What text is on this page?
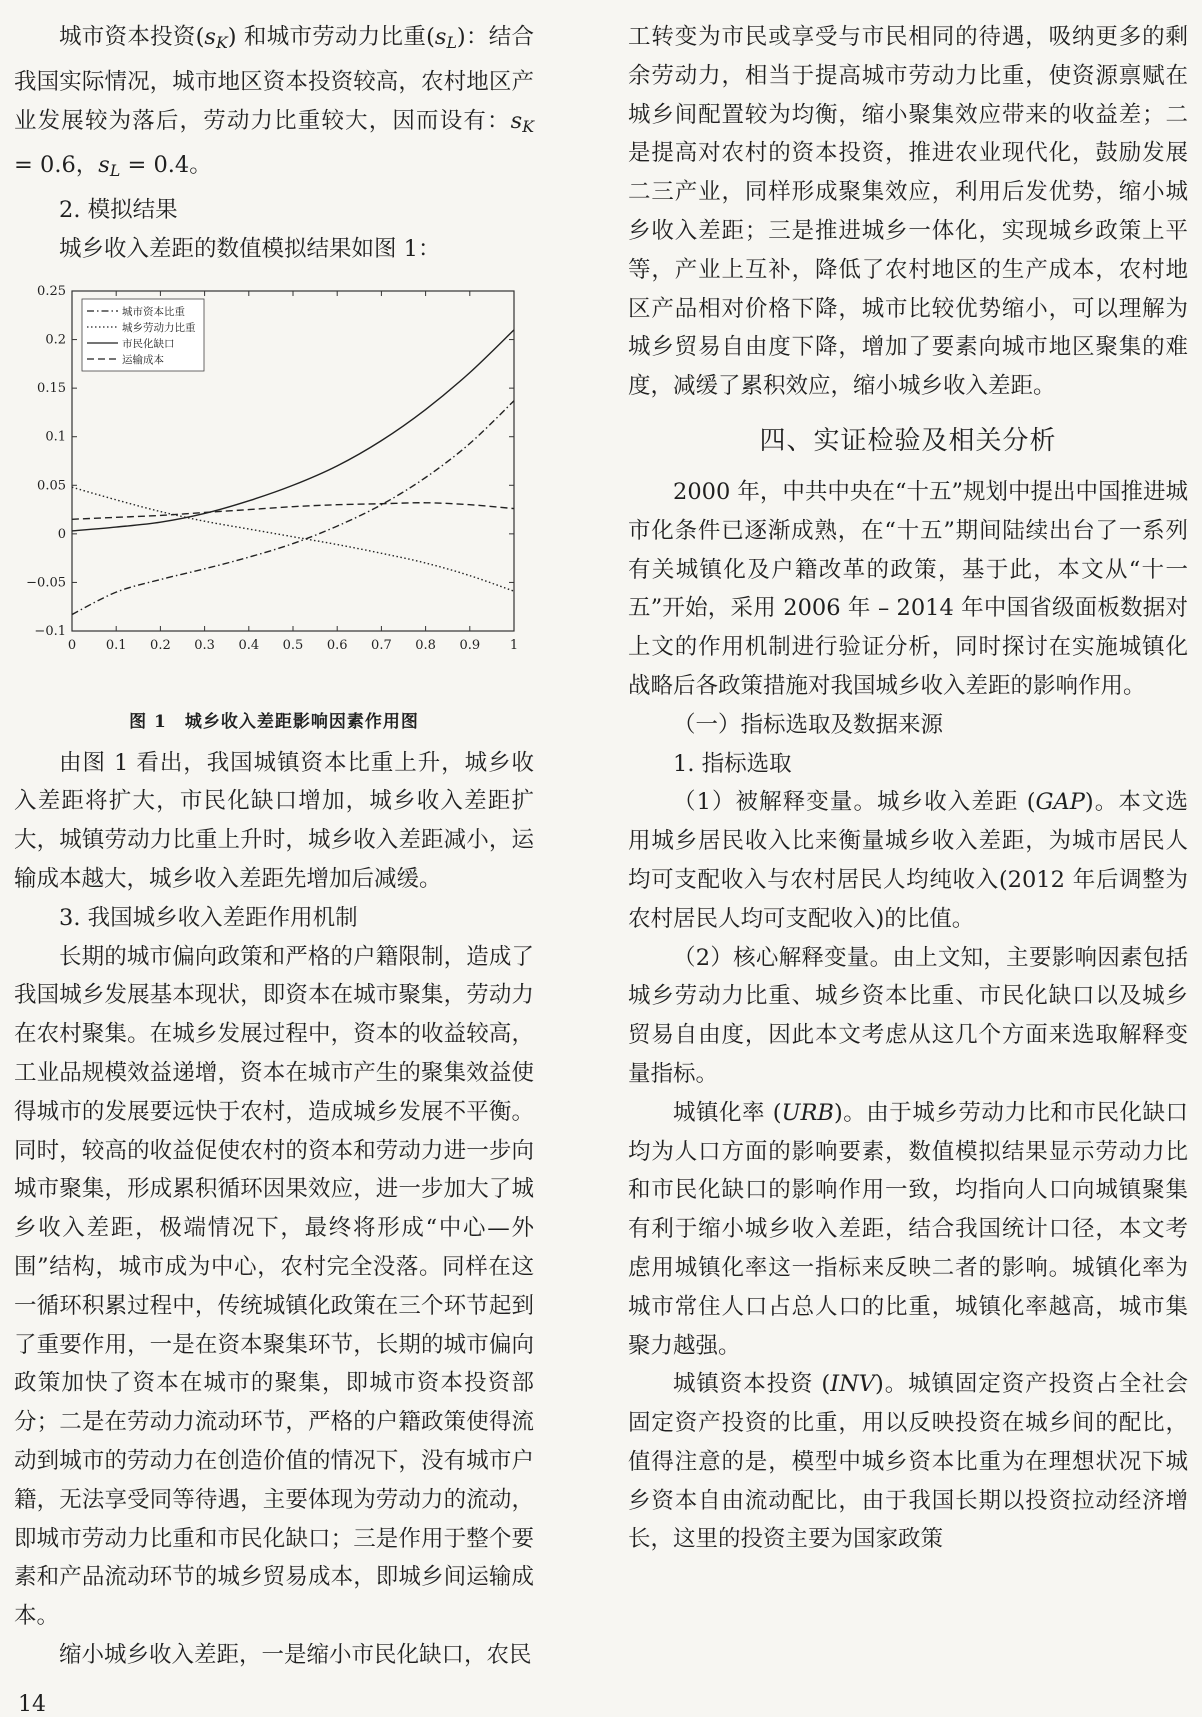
城市资本投资$(s_K)$ 和城市劳动力比重$(s_L)$：结合我国实际情况，城市地区资本投资较高，农村地区产业发展较为落后，劳动力比重较大，因而设有：$s_K = 0.6$，$s_L = 0.4$。

2. 模拟结果

城乡收入差距的数值模拟结果如图 1：

0 0.1 0.2 0.3 0.4 0.5 0.6 0.7 0.8 0.9 1
0.25
0.2
0.15
0.1
0.05
0
−0.05
−0.1
城市资本比重
城乡劳动力比重
市民化缺口
运输成本
图 1　城乡收入差距影响因素作用图

由图 1 看出，我国城镇资本比重上升，城乡收入差距将扩大，市民化缺口增加，城乡收入差距扩大，城镇劳动力比重上升时，城乡收入差距减小，运输成本越大，城乡收入差距先增加后减缓。

3. 我国城乡收入差距作用机制

长期的城市偏向政策和严格的户籍限制，造成了我国城乡发展基本现状，即资本在城市聚集，劳动力在农村聚集。在城乡发展过程中，资本的收益较高，工业品规模效益递增，资本在城市产生的聚集效益使得城市的发展要远快于农村，造成城乡发展不平衡。同时，较高的收益促使农村的资本和劳动力进一步向城市聚集，形成累积循环因果效应，进一步加大了城乡收入差距，极端情况下，最终将形成“中心—外围”结构，城市成为中心，农村完全没落。同样在这一循环积累过程中，传统城镇化政策在三个环节起到了重要作用，一是在资本聚集环节，长期的城市偏向政策加快了资本在城市的聚集，即城市资本投资部分；二是在劳动力流动环节，严格的户籍政策使得流动到城市的劳动力在创造价值的情况下，没有城市户籍，无法享受同等待遇，主要体现为劳动力的流动，即城市劳动力比重和市民化缺口；三是作用于整个要素和产品流动环节的城乡贸易成本，即城乡间运输成本。

缩小城乡收入差距，一是缩小市民化缺口，农民

工转变为市民或享受与市民相同的待遇，吸纳更多的剩余劳动力，相当于提高城市劳动力比重，使资源禀赋在城乡间配置较为均衡，缩小聚集效应带来的收益差；二是提高对农村的资本投资，推进农业现代化，鼓励发展二三产业，同样形成聚集效应，利用后发优势，缩小城乡收入差距；三是推进城乡一体化，实现城乡政策上平等，产业上互补，降低了农村地区的生产成本，农村地区产品相对价格下降，城市比较优势缩小，可以理解为城乡贸易自由度下降，增加了要素向城市地区聚集的难度，减缓了累积效应，缩小城乡收入差距。

四、实证检验及相关分析

2000 年，中共中央在“十五”规划中提出中国推进城市化条件已逐渐成熟，在“十五”期间陆续出台了一系列有关城镇化及户籍改革的政策，基于此，本文从“十一五”开始，采用 2006 年 – 2014 年中国省级面板数据对上文的作用机制进行验证分析，同时探讨在实施城镇化战略后各政策措施对我国城乡收入差距的影响作用。

（一）指标选取及数据来源

1. 指标选取

（1）被解释变量。城乡收入差距 (GAP)。本文选用城乡居民收入比来衡量城乡收入差距，为城市居民人均可支配收入与农村居民人均纯收入(2012 年后调整为农村居民人均可支配收入)的比值。

（2）核心解释变量。由上文知，主要影响因素包括城乡劳动力比重、城乡资本比重、市民化缺口以及城乡贸易自由度，因此本文考虑从这几个方面来选取解释变量指标。

城镇化率 (URB)。由于城乡劳动力比和市民化缺口均为人口方面的影响要素，数值模拟结果显示劳动力比和市民化缺口的影响作用一致，均指向人口向城镇聚集有利于缩小城乡收入差距，结合我国统计口径，本文考虑用城镇化率这一指标来反映二者的影响。城镇化率为城市常住人口占总人口的比重，城镇化率越高，城市集聚力越强。

城镇资本投资 (INV)。城镇固定资产投资占全社会固定资产投资的比重，用以反映投资在城乡间的配比，值得注意的是，模型中城乡资本比重为在理想状况下城乡资本自由流动配比，由于我国长期以投资拉动经济增长，这里的投资主要为国家政策

14
